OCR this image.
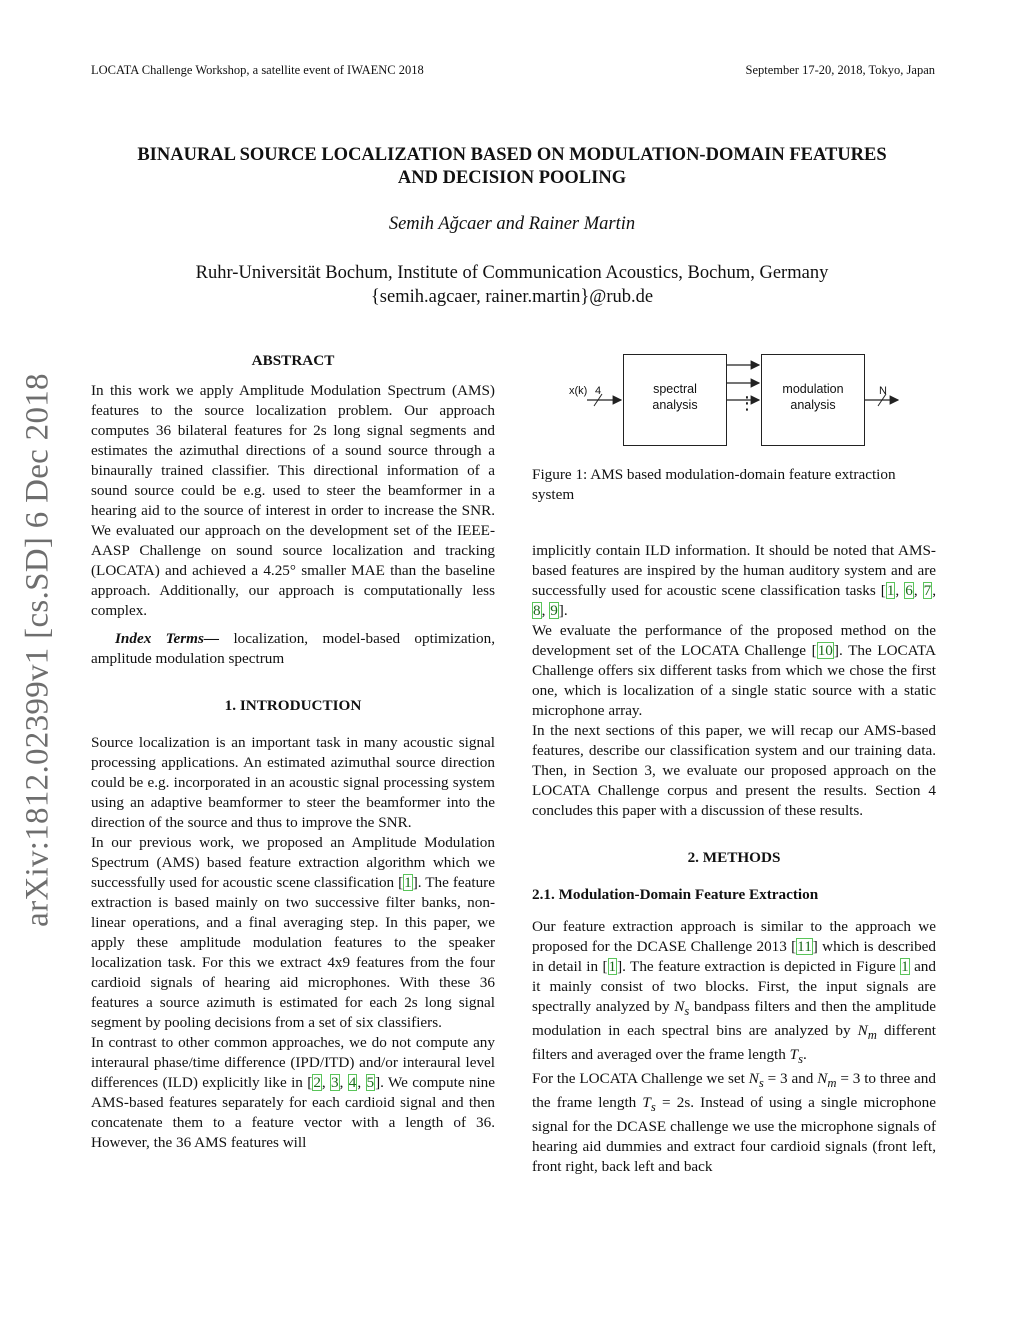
LOCATA Challenge Workshop, a satellite event of IWAENC 2018	September 17-20, 2018, Tokyo, Japan
BINAURAL SOURCE LOCALIZATION BASED ON MODULATION-DOMAIN FEATURES
AND DECISION POOLING
Semih Ağcaer and Rainer Martin
Ruhr-Universität Bochum, Institute of Communication Acoustics, Bochum, Germany
{semih.agcaer, rainer.martin}@rub.de
arXiv:1812.02399v1 [cs.SD] 6 Dec 2018
ABSTRACT

In this work we apply Amplitude Modulation Spectrum (AMS) features to the source localization problem. Our approach computes 36 bilateral features for 2s long signal segments and estimates the azimuthal directions of a sound source through a binaurally trained classifier. This directional information of a sound source could be e.g. used to steer the beamformer in a hearing aid to the source of interest in order to increase the SNR. We evaluated our approach on the development set of the IEEE-AASP Challenge on sound source localization and tracking (LOCATA) and achieved a 4.25° smaller MAE than the baseline approach. Additionally, our approach is computationally less complex.

Index Terms— localization, model-based optimization, amplitude modulation spectrum

1. INTRODUCTION

Source localization is an important task in many acoustic signal processing applications. An estimated azimuthal source direction could be e.g. incorporated in an acoustic signal processing system using an adaptive beamformer to steer the beamformer into the direction of the source and thus to improve the SNR.

In our previous work, we proposed an Amplitude Modulation Spectrum (AMS) based feature extraction algorithm which we successfully used for acoustic scene classification [1]. The feature extraction is based mainly on two successive filter banks, non-linear operations, and a final averaging step. In this paper, we apply these amplitude modulation features to the speaker localization task. For this we extract 4x9 features from the four cardioid signals of hearing aid microphones. With these 36 features a source azimuth is estimated for each 2s long signal segment by pooling decisions from a set of six classifiers.

In contrast to other common approaches, we do not compute any interaural phase/time difference (IPD/ITD) and/or interaural level differences (ILD) explicitly like in [2, 3, 4, 5]. We compute nine AMS-based features separately for each cardioid signal and then concatenate them to a feature vector with a length of 36. However, the 36 AMS features will

x(k) 4	spectral
analysis	⋮
modulation
analysis
N
Figure 1: AMS based modulation-domain feature extraction system

implicitly contain ILD information. It should be noted that AMS-based features are inspired by the human auditory system and are successfully used for acoustic scene classification tasks [1, 6, 7, 8, 9].

We evaluate the performance of the proposed method on the development set of the LOCATA Challenge [10]. The LOCATA Challenge offers six different tasks from which we chose the first one, which is localization of a single static source with a static microphone array.

In the next sections of this paper, we will recap our AMS-based features, describe our classification system and our training data. Then, in Section 3, we evaluate our proposed approach on the LOCATA Challenge corpus and present the results. Section 4 concludes this paper with a discussion of these results.

2. METHODS
2.1. Modulation-Domain Feature Extraction

Our feature extraction approach is similar to the approach we proposed for the DCASE Challenge 2013 [11] which is described in detail in [1]. The feature extraction is depicted in Figure 1 and it mainly consist of two blocks. First, the input signals are spectrally analyzed by $N_s$ bandpass filters and then the amplitude modulation in each spectral bins are analyzed by $N_m$ different filters and averaged over the frame length $T_s$.

For the LOCATA Challenge we set $N_s = 3$ and $N_m = 3$ to three and the frame length $T_s = 2s$. Instead of using a single microphone signal for the DCASE challenge we use the microphone signals of hearing aid dummies and extract four cardioid signals (front left, front right, back left and back
